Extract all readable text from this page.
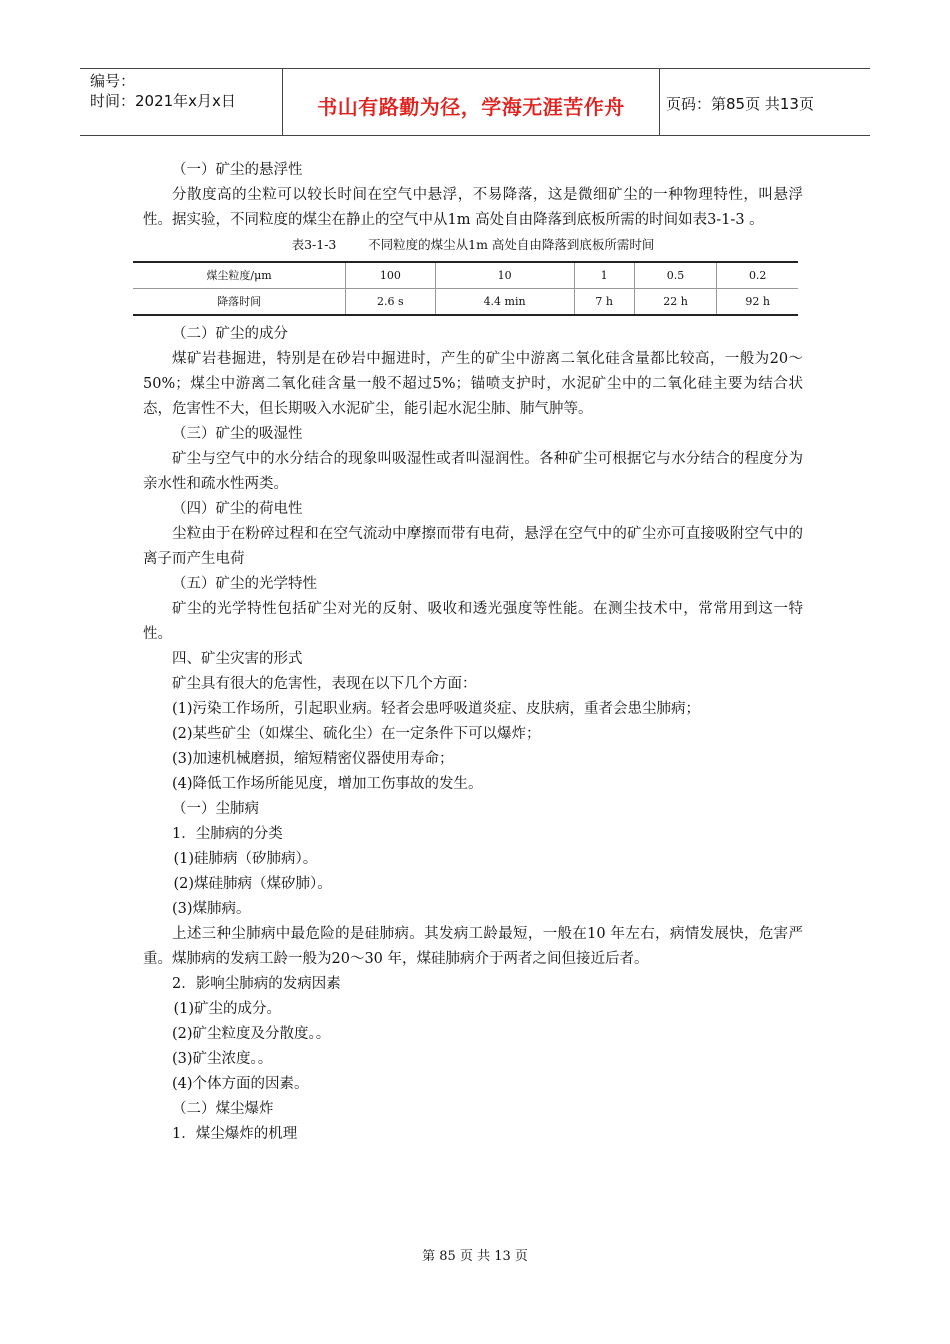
编号：
时间：2021年x月x日	书山有路勤为径，学海无涯苦作舟	页码：第85页 共13页

（一）矿尘的悬浮性

分散度高的尘粒可以较长时间在空气中悬浮，不易降落，这是微细矿尘的一种物理特性，叫悬浮性。据实验，不同粒度的煤尘在静止的空气中从1m 高处自由降落到底板所需的时间如表3-1-3 。

表3-1-3        不同粒度的煤尘从1m 高处自由降落到底板所需时间
煤尘粒度/μm	100	10	1	0.5	0.2
降落时间	2.6 s	4.4 min	7 h	22 h	92 h

（二）矿尘的成分

煤矿岩巷掘进，特别是在砂岩中掘进时，产生的矿尘中游离二氧化硅含量都比较高，一般为20～50%；煤尘中游离二氧化硅含量一般不超过5%；锚喷支护时，水泥矿尘中的二氧化硅主要为结合状态，危害性不大，但长期吸入水泥矿尘，能引起水泥尘肺、肺气肿等。

（三）矿尘的吸湿性

矿尘与空气中的水分结合的现象叫吸湿性或者叫湿润性。各种矿尘可根据它与水分结合的程度分为亲水性和疏水性两类。

（四）矿尘的荷电性

尘粒由于在粉碎过程和在空气流动中摩擦而带有电荷，悬浮在空气中的矿尘亦可直接吸附空气中的离子而产生电荷

（五）矿尘的光学特性

矿尘的光学特性包括矿尘对光的反射、吸收和透光强度等性能。在测尘技术中，常常用到这一特性。

四、矿尘灾害的形式

矿尘具有很大的危害性，表现在以下几个方面：

(1)污染工作场所，引起职业病。轻者会患呼吸道炎症、皮肤病，重者会患尘肺病；

(2)某些矿尘（如煤尘、硫化尘）在一定条件下可以爆炸；

(3)加速机械磨损，缩短精密仪器使用寿命；

(4)降低工作场所能见度，增加工伤事故的发生。

（一）尘肺病

1．尘肺病的分类

(1)硅肺病（矽肺病）。

(2)煤硅肺病（煤矽肺）。

(3)煤肺病。

上述三种尘肺病中最危险的是硅肺病。其发病工龄最短，一般在10 年左右，病情发展快，危害严重。煤肺病的发病工龄一般为20～30 年，煤硅肺病介于两者之间但接近后者。

2．影响尘肺病的发病因素

(1)矿尘的成分。

(2)矿尘粒度及分散度。。

(3)矿尘浓度。。

(4)个体方面的因素。

（二）煤尘爆炸

1．煤尘爆炸的机理

第 85 页 共 13 页
